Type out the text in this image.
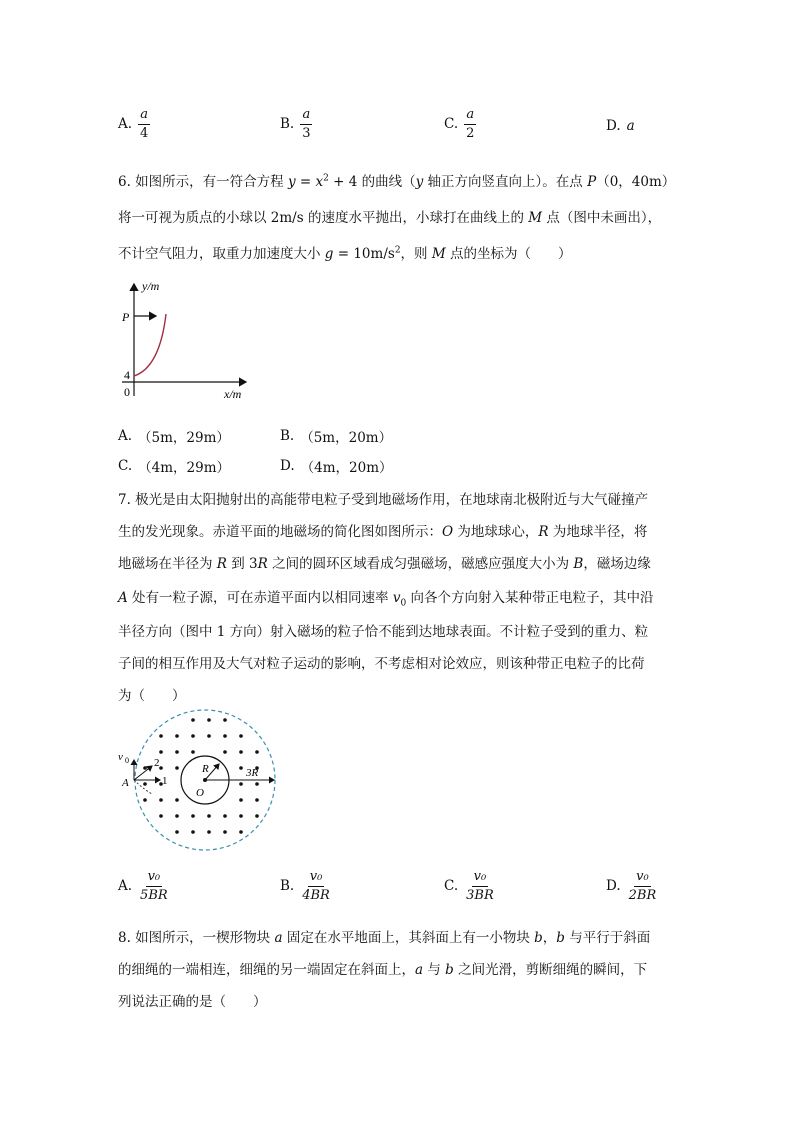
A. $\frac{a}{4}$	B. $\frac{a}{3}$	C. $\frac{a}{2}$	D. a
6. 如图所示，有一符合方程 $y = x^2 + 4$ 的曲线（y 轴正方向竖直向上）。在点 P（0，40m）
将一可视为质点的小球以 2m/s 的速度水平抛出，小球打在曲线上的 M 点（图中未画出），
不计空气阻力，取重力加速度大小 $g = 10m/s^2$，则 M 点的坐标为（　　）
y/m
x/m
P
4
0
A. （5m，29m）	B. （5m，20m）
C. （4m，29m）	D. （4m，20m）
7. 极光是由太阳抛射出的高能带电粒子受到地磁场作用，在地球南北极附近与大气碰撞产
生的发光现象。赤道平面的地磁场的简化图如图所示：O 为地球球心，R 为地球半径，将
地磁场在半径为 R 到 3R 之间的圆环区域看成匀强磁场，磁感应强度大小为 B，磁场边缘
A 处有一粒子源，可在赤道平面内以相同速率 $v_0$ 向各个方向射入某种带正电粒子，其中沿
半径方向（图中 1 方向）射入磁场的粒子恰不能到达地球表面。不计粒子受到的重力、粒
子间的相互作用及大气对粒子运动的影响，不考虑相对论效应，则该种带正电粒子的比荷
为（　　）
v 0
A	1
2	R
O
3R
A. $\frac{\text{v₀}}{5BR}$	B. $\frac{\text{v₀}}{4BR}$	C. $\frac{\text{v₀}}{3BR}$	D. $\frac{\text{v₀}}{2BR}$
8. 如图所示，一楔形物块 a 固定在水平地面上，其斜面上有一小物块 b，b 与平行于斜面
的细绳的一端相连，细绳的另一端固定在斜面上，a 与 b 之间光滑，剪断细绳的瞬间，下
列说法正确的是（　　）
